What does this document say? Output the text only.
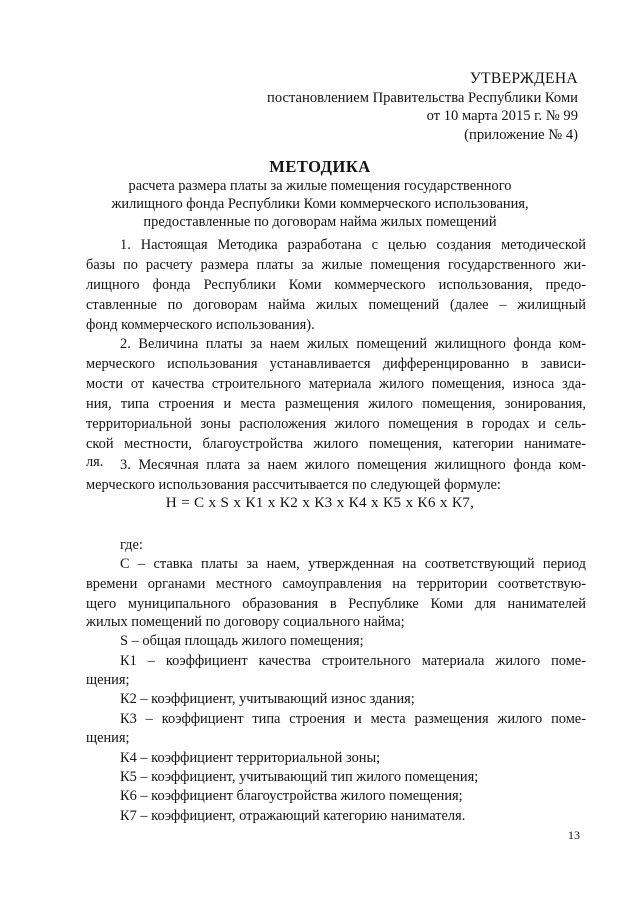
УТВЕРЖДЕНА
постановлением Правительства Республики Коми
от 10 марта 2015 г. № 99
(приложение № 4)
МЕТОДИКА
расчета размера платы за жилые помещения государственного
жилищного фонда Республики Коми коммерческого использования,
предоставленные по договорам найма жилых помещений
1. Настоящая Методика разработана с целью создания методической
базы по расчету размера платы за жилые помещения государственного жи-
лищного фонда Республики Коми коммерческого использования, предо-
ставленные по договорам найма жилых помещений (далее – жилищный
фонд коммерческого использования).
2. Величина платы за наем жилых помещений жилищного фонда ком-
мерческого использования устанавливается дифференцированно в зависи-
мости от качества строительного материала жилого помещения, износа зда-
ния, типа строения и места размещения жилого помещения, зонирования,
территориальной зоны расположения жилого помещения в городах и сель-
ской местности, благоустройства жилого помещения, категории нанимате-
ля. 3. Месячная плата за наем жилого помещения жилищного фонда ком-
мерческого использования рассчитывается по следующей формуле:
Н = С x S x К1 x К2 x К3 x К4 x К5 x К6 x К7,
где:
С – ставка платы за наем, утвержденная на соответствующий период
времени органами местного самоуправления на территории соответствую-
щего муниципального образования в Республике Коми для нанимателей
жилых помещений по договору социального найма;
S – общая площадь жилого помещения;
К1 – коэффициент качества строительного материала жилого поме-
щения;
К2 – коэффициент, учитывающий износ здания;
К3 – коэффициент типа строения и места размещения жилого поме-
щения;
К4 – коэффициент территориальной зоны;
К5 – коэффициент, учитывающий тип жилого помещения;
К6 – коэффициент благоустройства жилого помещения;
К7 – коэффициент, отражающий категорию нанимателя.
13
